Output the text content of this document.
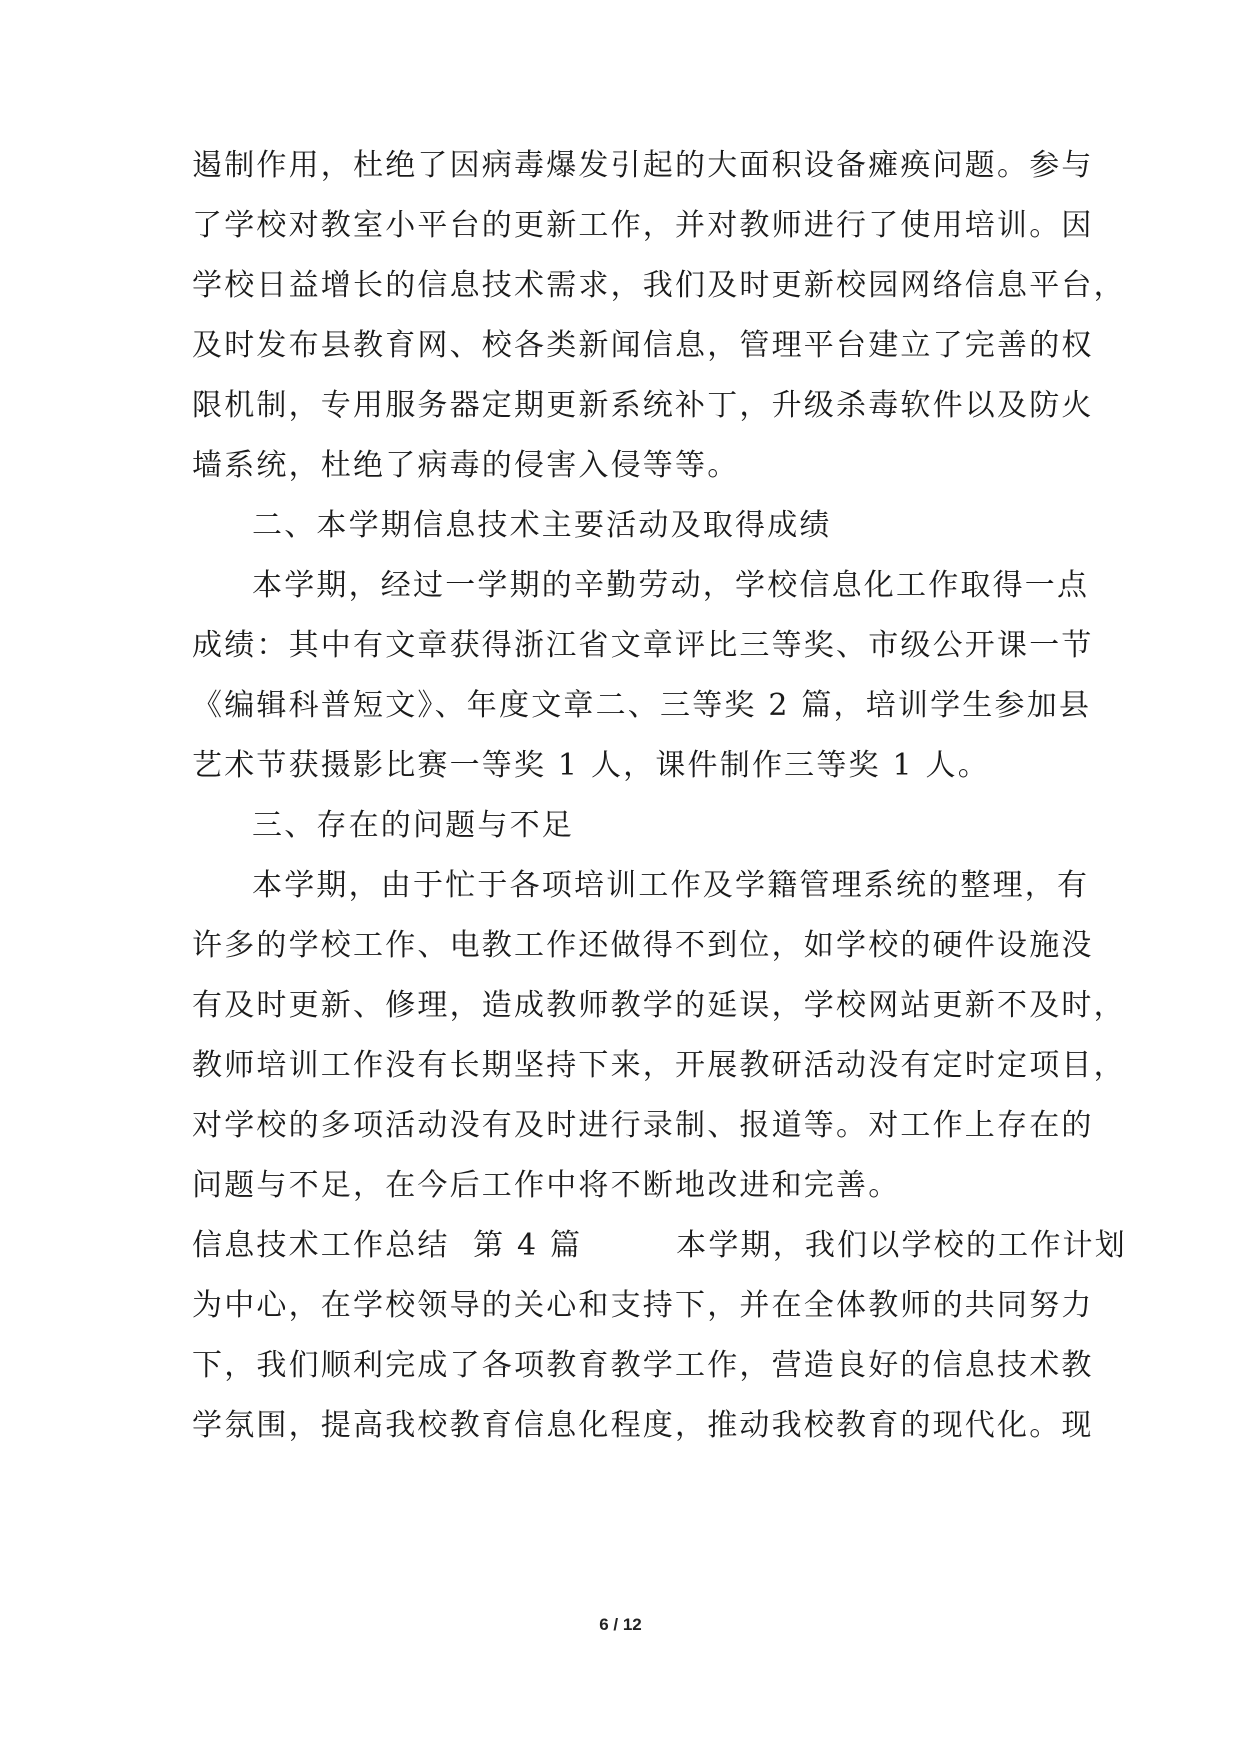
遏制作用，杜绝了因病毒爆发引起的大面积设备瘫痪问题。参与
了学校对教室小平台的更新工作，并对教师进行了使用培训。因
学校日益增长的信息技术需求，我们及时更新校园网络信息平台，
及时发布县教育网、校各类新闻信息，管理平台建立了完善的权
限机制，专用服务器定期更新系统补丁，升级杀毒软件以及防火
墙系统，杜绝了病毒的侵害入侵等等。
二、本学期信息技术主要活动及取得成绩
本学期，经过一学期的辛勤劳动，学校信息化工作取得一点
成绩：其中有文章获得浙江省文章评比三等奖、市级公开课一节
《编辑科普短文》、年度文章二、三等奖 2 篇，培训学生参加县
艺术节获摄影比赛一等奖 1 人，课件制作三等奖 1 人。
三、存在的问题与不足
本学期，由于忙于各项培训工作及学籍管理系统的整理，有
许多的学校工作、电教工作还做得不到位，如学校的硬件设施没
有及时更新、修理，造成教师教学的延误，学校网站更新不及时，
教师培训工作没有长期坚持下来，开展教研活动没有定时定项目，
对学校的多项活动没有及时进行录制、报道等。对工作上存在的
问题与不足，在今后工作中将不断地改进和完善。
信息技术工作总结  第 4 篇        本学期，我们以学校的工作计划
为中心，在学校领导的关心和支持下，并在全体教师的共同努力
下，我们顺利完成了各项教育教学工作，营造良好的信息技术教
学氛围，提高我校教育信息化程度，推动我校教育的现代化。现
6 / 12
